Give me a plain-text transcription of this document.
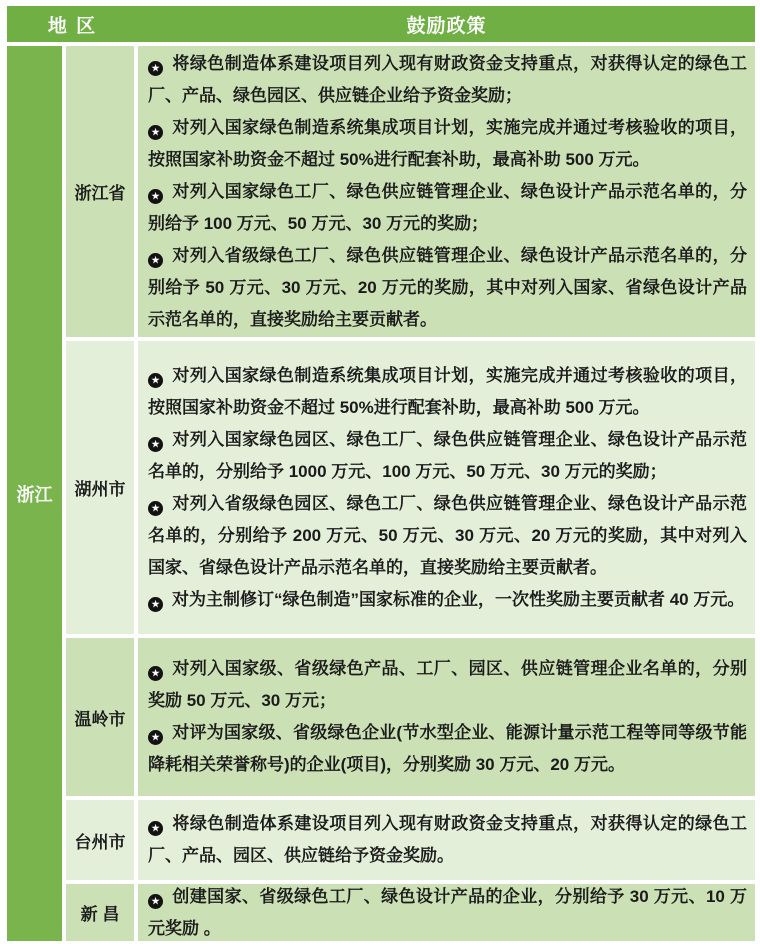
地 区	鼓励政策
浙江
浙江省

★将绿色制造体系建设项目列入现有财政资金支持重点，对获得认定的绿色工厂、产品、绿色园区、供应链企业给予资金奖励；

★对列入国家绿色制造系统集成项目计划，实施完成并通过考核验收的项目，按照国家补助资金不超过 50%进行配套补助，最高补助 500 万元。

★对列入国家绿色工厂、绿色供应链管理企业、绿色设计产品示范名单的，分别给予 100 万元、50 万元、30 万元的奖励；

★对列入省级绿色工厂、绿色供应链管理企业、绿色设计产品示范名单的，分别给予 50 万元、30 万元、20 万元的奖励，其中对列入国家、省绿色设计产品示范名单的，直接奖励给主要贡献者。

湖州市

★对列入国家绿色制造系统集成项目计划，实施完成并通过考核验收的项目，按照国家补助资金不超过 50%进行配套补助，最高补助 500 万元。

★对列入国家绿色园区、绿色工厂、绿色供应链管理企业、绿色设计产品示范名单的，分别给予 1000 万元、100 万元、50 万元、30 万元的奖励；

★对列入省级绿色园区、绿色工厂、绿色供应链管理企业、绿色设计产品示范名单的，分别给予 200 万元、50 万元、30 万元、20 万元的奖励，其中对列入国家、省绿色设计产品示范名单的，直接奖励给主要贡献者。

★对为主制修订“绿色制造”国家标准的企业，一次性奖励主要贡献者 40 万元。

温岭市

★对列入国家级、省级绿色产品、工厂、园区、供应链管理企业名单的，分别奖励 50 万元、30 万元；

★对评为国家级、省级绿色企业(节水型企业、能源计量示范工程等同等级节能降耗相关荣誉称号)的企业(项目)，分别奖励 30 万元、20 万元。

台州市

★将绿色制造体系建设项目列入现有财政资金支持重点，对获得认定的绿色工厂、产品、园区、供应链给予资金奖励。

新 昌

★创建国家、省级绿色工厂、绿色设计产品的企业，分别给予 30 万元、10 万元奖励 。
